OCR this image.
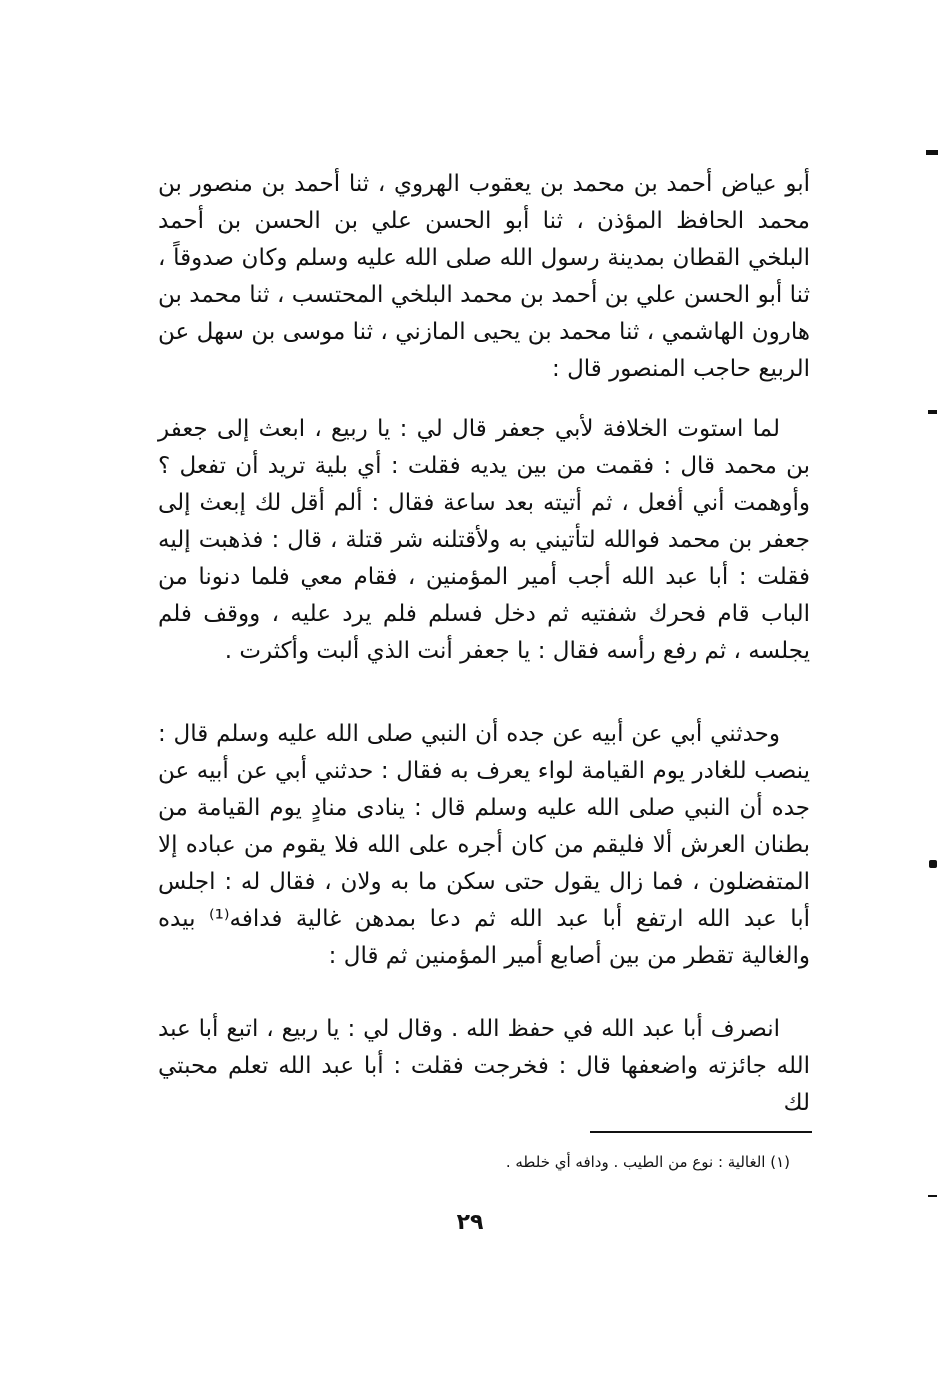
أبو عياض أحمد بن محمد بن يعقوب الهروي ، ثنا أحمد بن منصور بن محمد الحافظ المؤذن ، ثنا أبو الحسن علي بن الحسن بن أحمد البلخي القطان بمدينة رسول الله صلى الله عليه وسلم وكان صدوقاً ، ثنا أبو الحسن علي بن أحمد بن محمد البلخي المحتسب ، ثنا محمد بن هارون الهاشمي ، ثنا محمد بن يحيى المازني ، ثنا موسى بن سهل عن الربيع حاجب المنصور قال :

لما استوت الخلافة لأبي جعفر قال لي : يا ربيع ، ابعث إلى جعفر بن محمد قال : فقمت من بين يديه فقلت : أي بلية تريد أن تفعل ؟ وأوهمت أني أفعل ، ثم أتيته بعد ساعة فقال : ألم أقل لك إبعث إلى جعفر بن محمد فوالله لتأتيني به ولأقتلنه شر قتلة ، قال : فذهبت إليه فقلت : أبا عبد الله أجب أمير المؤمنين ، فقام معي فلما دنونا من الباب قام فحرك شفتيه ثم دخل فسلم فلم يرد عليه ، ووقف فلم يجلسه ، ثم رفع رأسه فقال : يا جعفر أنت الذي ألبت وأكثرت .

وحدثني أبي عن أبيه عن جده أن النبي صلى الله عليه وسلم قال : ينصب للغادر يوم القيامة لواء يعرف به فقال : حدثني أبي عن أبيه عن جده أن النبي صلى الله عليه وسلم قال : ينادى منادٍ يوم القيامة من بطنان العرش ألا فليقم من كان أجره على الله فلا يقوم من عباده إلا المتفضلون ، فما زال يقول حتى سكن ما به ولان ، فقال له : اجلس أبا عبد الله ارتفع أبا عبد الله ثم دعا بمدهن غالية فدافه⁽¹⁾ بيده والغالية تقطر من بين أصابع أمير المؤمنين ثم قال :

انصرف أبا عبد الله في حفظ الله . وقال لي : يا ربيع ، اتبع أبا عبد الله جائزته واضعفها قال : فخرجت فقلت : أبا عبد الله تعلم محبتي لك

(١) الغالية : نوع من الطيب . ودافه أي خلطه .

٢٩
